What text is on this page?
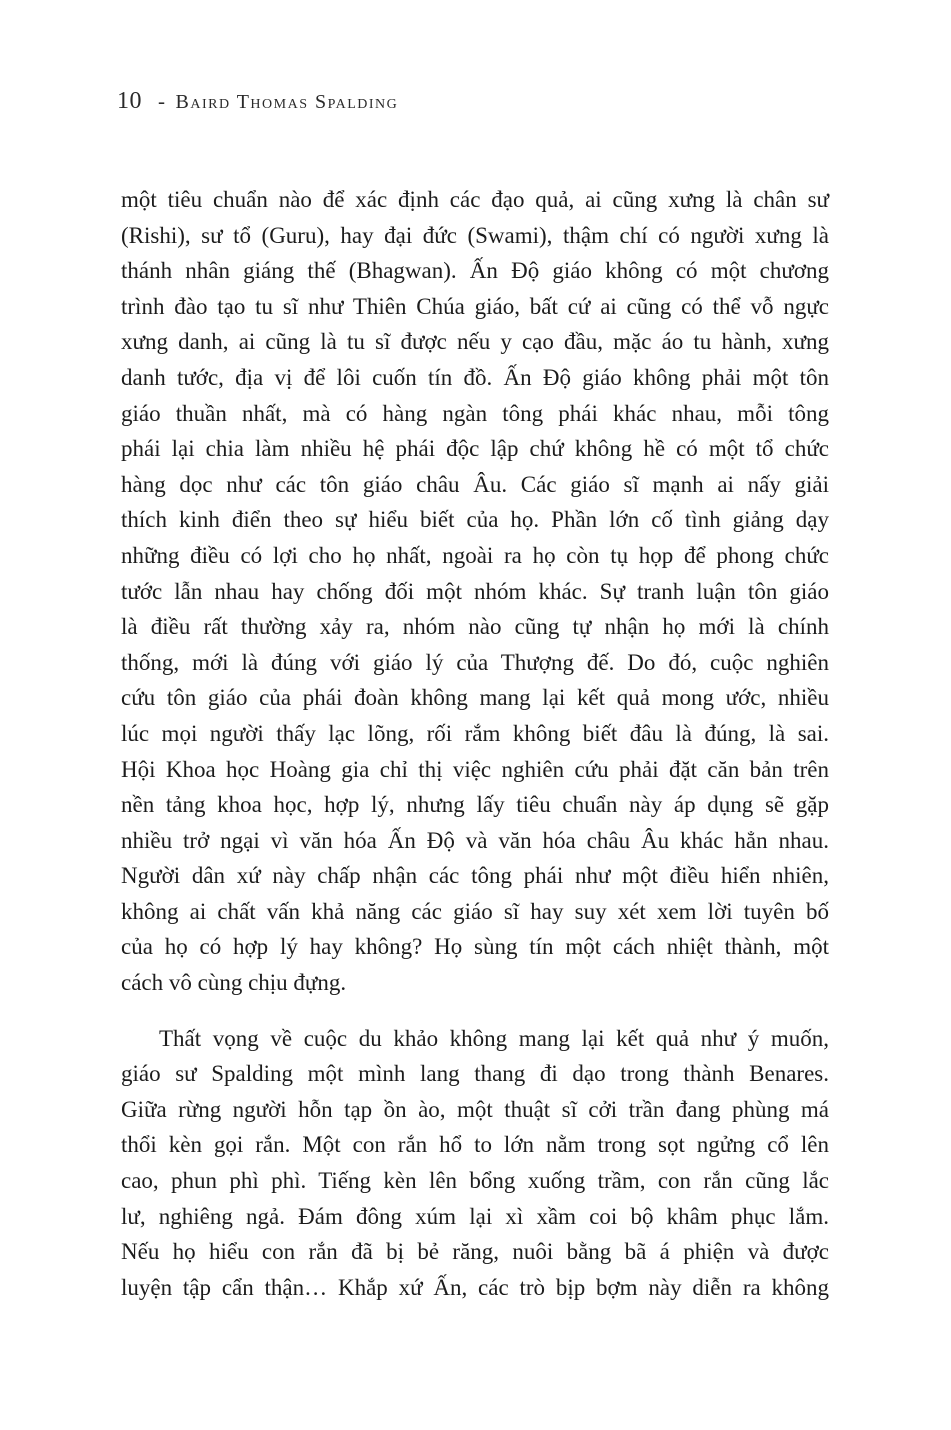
10 - Baird Thomas Spalding

một tiêu chuẩn nào để xác định các đạo quả, ai cũng xưng là chân sư
(Rishi), sư tổ (Guru), hay đại đức (Swami), thậm chí có người xưng là
thánh nhân giáng thế (Bhagwan). Ấn Độ giáo không có một chương
trình đào tạo tu sĩ như Thiên Chúa giáo, bất cứ ai cũng có thể vỗ ngực
xưng danh, ai cũng là tu sĩ được nếu y cạo đầu, mặc áo tu hành, xưng
danh tước, địa vị để lôi cuốn tín đồ. Ấn Độ giáo không phải một tôn
giáo thuần nhất, mà có hàng ngàn tông phái khác nhau, mỗi tông
phái lại chia làm nhiều hệ phái độc lập chứ không hề có một tổ chức
hàng dọc như các tôn giáo châu Âu. Các giáo sĩ mạnh ai nấy giải
thích kinh điển theo sự hiểu biết của họ. Phần lớn cố tình giảng dạy
những điều có lợi cho họ nhất, ngoài ra họ còn tụ họp để phong chức
tước lẫn nhau hay chống đối một nhóm khác. Sự tranh luận tôn giáo
là điều rất thường xảy ra, nhóm nào cũng tự nhận họ mới là chính
thống, mới là đúng với giáo lý của Thượng đế. Do đó, cuộc nghiên
cứu tôn giáo của phái đoàn không mang lại kết quả mong ước, nhiều
lúc mọi người thấy lạc lõng, rối rắm không biết đâu là đúng, là sai.
Hội Khoa học Hoàng gia chỉ thị việc nghiên cứu phải đặt căn bản trên
nền tảng khoa học, hợp lý, nhưng lấy tiêu chuẩn này áp dụng sẽ gặp
nhiều trở ngại vì văn hóa Ấn Độ và văn hóa châu Âu khác hẳn nhau.
Người dân xứ này chấp nhận các tông phái như một điều hiển nhiên,
không ai chất vấn khả năng các giáo sĩ hay suy xét xem lời tuyên bố
của họ có hợp lý hay không? Họ sùng tín một cách nhiệt thành, một
cách vô cùng chịu đựng.

Thất vọng về cuộc du khảo không mang lại kết quả như ý muốn,
giáo sư Spalding một mình lang thang đi dạo trong thành Benares.
Giữa rừng người hỗn tạp ồn ào, một thuật sĩ cởi trần đang phùng má
thổi kèn gọi rắn. Một con rắn hổ to lớn nằm trong sọt ngửng cổ lên
cao, phun phì phì. Tiếng kèn lên bổng xuống trầm, con rắn cũng lắc
lư, nghiêng ngả. Đám đông xúm lại xì xầm coi bộ khâm phục lắm.
Nếu họ hiểu con rắn đã bị bẻ răng, nuôi bằng bã á phiện và được
luyện tập cẩn thận… Khắp xứ Ấn, các trò bịp bợm này diễn ra không
